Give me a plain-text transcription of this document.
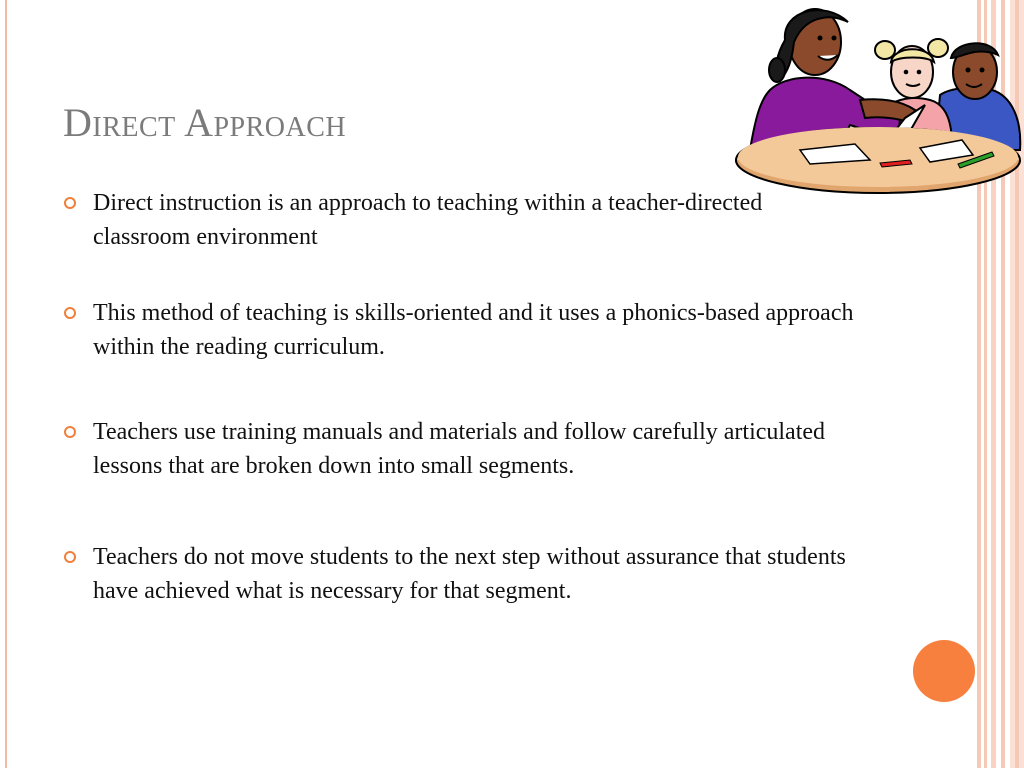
Direct Approach
Direct instruction is an approach to teaching within a teacher-directed classroom environment
This method of teaching is skills-oriented and it uses a phonics-based approach within the reading curriculum.
Teachers use training manuals and materials and follow carefully articulated lessons that are broken down into small segments.
Teachers do not move students to the next step without assurance that students have achieved what is necessary for that segment.
